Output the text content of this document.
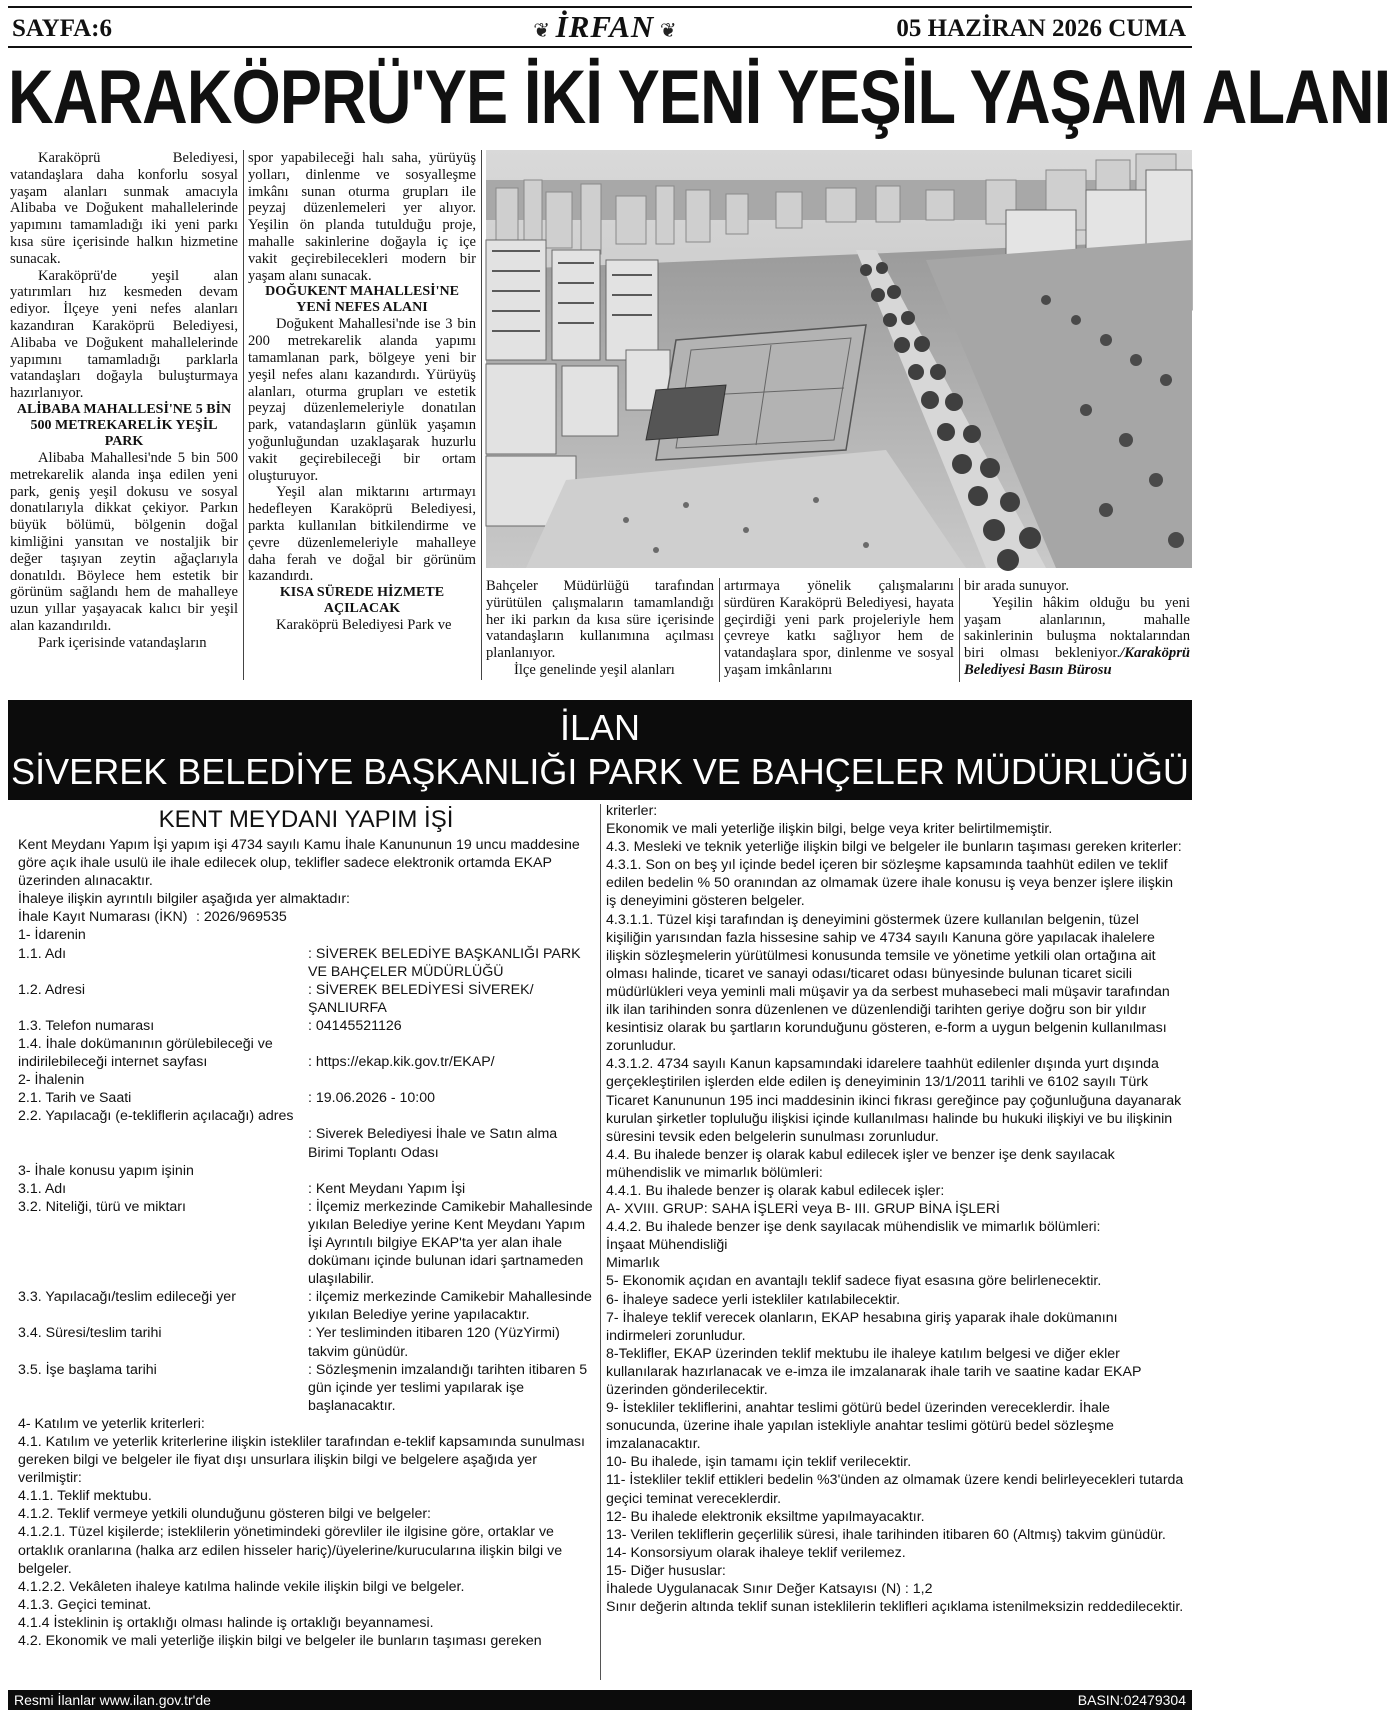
SAYFA:6	❦ İRFAN ❦	05 HAZİRAN 2026 CUMA
KARAKÖPRÜ'YE İKİ YENİ YEŞİL YAŞAM ALANI

Karaköprü Belediyesi, vatandaşlara daha konforlu sosyal yaşam alanları sunmak amacıyla Alibaba ve Doğukent mahallelerinde yapımını tamamladığı iki yeni parkı kısa süre içerisinde halkın hizmetine sunacak.

Karaköprü'de yeşil alan yatırımları hız kesmeden devam ediyor. İlçeye yeni nefes alanları kazandıran Karaköprü Belediyesi, Alibaba ve Doğukent mahallelerinde yapımını tamamladığı parklarla vatandaşları doğayla buluşturmaya hazırlanıyor.

ALİBABA MAHALLESİ'NE 5 BİN 500 METREKARELİK YEŞİL PARK

Alibaba Mahallesi'nde 5 bin 500 metrekarelik alanda inşa edilen yeni park, geniş yeşil dokusu ve sosyal donatılarıyla dikkat çekiyor. Parkın büyük bölümü, bölgenin doğal kimliğini yansıtan ve nostaljik bir değer taşıyan zeytin ağaçlarıyla donatıldı. Böylece hem estetik bir görünüm sağlandı hem de mahalleye uzun yıllar yaşayacak kalıcı bir yeşil alan kazandırıldı.

Park içerisinde vatandaşların

spor yapabileceği halı saha, yürüyüş yolları, dinlenme ve sosyalleşme imkânı sunan oturma grupları ile peyzaj düzenlemeleri yer alıyor. Yeşilin ön planda tutulduğu proje, mahalle sakinlerine doğayla iç içe vakit geçirebilecekleri modern bir yaşam alanı sunacak.

DOĞUKENT MAHALLESİ'NE YENİ NEFES ALANI

Doğukent Mahallesi'nde ise 3 bin 200 metrekarelik alanda yapımı tamamlanan park, bölgeye yeni bir yeşil nefes alanı kazandırdı. Yürüyüş alanları, oturma grupları ve estetik peyzaj düzenlemeleriyle donatılan park, vatandaşların günlük yaşamın yoğunluğundan uzaklaşarak huzurlu vakit geçirebileceği bir ortam oluşturuyor.

Yeşil alan miktarını artırmayı hedefleyen Karaköprü Belediyesi, parkta kullanılan bitkilendirme ve çevre düzenlemeleriyle mahalleye daha ferah ve doğal bir görünüm kazandırdı.

KISA SÜREDE HİZMETE AÇILACAK

Karaköprü Belediyesi Park ve

Bahçeler Müdürlüğü tarafından yürütülen çalışmaların tamamlandığı her iki parkın da kısa süre içerisinde vatandaşların kullanımına açılması planlanıyor.

İlçe genelinde yeşil alanları

artırmaya yönelik çalışmalarını sürdüren Karaköprü Belediyesi, hayata geçirdiği yeni park projeleriyle hem çevreye katkı sağlıyor hem de vatandaşlara spor, dinlenme ve sosyal yaşam imkânlarını

bir arada sunuyor.

Yeşilin hâkim olduğu bu yeni yaşam alanlarının, mahalle sakinlerinin buluşma noktalarından biri olması bekleniyor./Karaköprü Belediyesi Basın Bürosu

İLAN
SİVEREK BELEDİYE BAŞKANLIĞI PARK VE BAHÇELER MÜDÜRLÜĞÜ
KENT MEYDANI YAPIM İŞİ

Kent Meydanı Yapım İşi yapım işi 4734 sayılı Kamu İhale Kanununun 19 uncu maddesine göre açık ihale usulü ile ihale edilecek olup, teklifler sadece elektronik ortamda EKAP üzerinden alınacaktır.

İhaleye ilişkin ayrıntılı bilgiler aşağıda yer almaktadır:

İhale Kayıt Numarası (İKN) : 2026/969535

1- İdarenin

1.1. Adı	: SİVEREK BELEDİYE BAŞKANLIĞI PARK VE BAHÇELER MÜDÜRLÜĞÜ
1.2. Adresi	: SİVEREK BELEDİYESİ SİVEREK/ŞANLIURFA
1.3. Telefon numarası	: 04145521126
1.4. İhale dokümanının görülebileceği ve indirilebileceği internet sayfası	: https://ekap.kik.gov.tr/EKAP/

2- İhalenin

2.1. Tarih ve Saati	: 19.06.2026 - 10:00
2.2. Yapılacağı (e-tekliflerin açılacağı) adres
: Siverek Belediyesi İhale ve Satın alma Birimi Toplantı Odası

3- İhale konusu yapım işinin

3.1. Adı	: Kent Meydanı Yapım İşi
3.2. Niteliği, türü ve miktarı	: İlçemiz merkezinde Camikebir Mahallesinde yıkılan Belediye yerine Kent Meydanı Yapım İşi Ayrıntılı bilgiye EKAP'ta yer alan ihale dokümanı içinde bulunan idari şartnameden ulaşılabilir.
3.3. Yapılacağı/teslim edileceği yer	: ilçemiz merkezinde Camikebir Mahallesinde yıkılan Belediye yerine yapılacaktır.
3.4. Süresi/teslim tarihi	: Yer tesliminden itibaren 120 (YüzYirmi) takvim günüdür.
3.5. İşe başlama tarihi	: Sözleşmenin imzalandığı tarihten itibaren 5 gün içinde yer teslimi yapılarak işe başlanacaktır.

4- Katılım ve yeterlik kriterleri:

4.1. Katılım ve yeterlik kriterlerine ilişkin istekliler tarafından e-teklif kapsamında sunulması gereken bilgi ve belgeler ile fiyat dışı unsurlara ilişkin bilgi ve belgelere aşağıda yer verilmiştir:

4.1.1. Teklif mektubu.

4.1.2. Teklif vermeye yetkili olunduğunu gösteren bilgi ve belgeler:

4.1.2.1. Tüzel kişilerde; isteklilerin yönetimindeki görevliler ile ilgisine göre, ortaklar ve ortaklık oranlarına (halka arz edilen hisseler hariç)/üyelerine/kurucularına ilişkin bilgi ve belgeler.

4.1.2.2. Vekâleten ihaleye katılma halinde vekile ilişkin bilgi ve belgeler.

4.1.3. Geçici teminat.

4.1.4 İsteklinin iş ortaklığı olması halinde iş ortaklığı beyannamesi.

4.2. Ekonomik ve mali yeterliğe ilişkin bilgi ve belgeler ile bunların taşıması gereken

kriterler:

Ekonomik ve mali yeterliğe ilişkin bilgi, belge veya kriter belirtilmemiştir.

4.3. Mesleki ve teknik yeterliğe ilişkin bilgi ve belgeler ile bunların taşıması gereken kriterler:

4.3.1. Son on beş yıl içinde bedel içeren bir sözleşme kapsamında taahhüt edilen ve teklif edilen bedelin % 50 oranından az olmamak üzere ihale konusu iş veya benzer işlere ilişkin iş deneyimini gösteren belgeler.

4.3.1.1. Tüzel kişi tarafından iş deneyimini göstermek üzere kullanılan belgenin, tüzel kişiliğin yarısından fazla hissesine sahip ve 4734 sayılı Kanuna göre yapılacak ihalelere ilişkin sözleşmelerin yürütülmesi konusunda temsile ve yönetime yetkili olan ortağına ait olması halinde, ticaret ve sanayi odası/ticaret odası bünyesinde bulunan ticaret sicili müdürlükleri veya yeminli mali müşavir ya da serbest muhasebeci mali müşavir tarafından ilk ilan tarihinden sonra düzenlenen ve düzenlendiği tarihten geriye doğru son bir yıldır kesintisiz olarak bu şartların korunduğunu gösteren, e-form a uygun belgenin kullanılması zorunludur.

4.3.1.2. 4734 sayılı Kanun kapsamındaki idarelere taahhüt edilenler dışında yurt dışında gerçekleştirilen işlerden elde edilen iş deneyiminin 13/1/2011 tarihli ve 6102 sayılı Türk Ticaret Kanununun 195 inci maddesinin ikinci fıkrası gereğince pay çoğunluğuna dayanarak kurulan şirketler topluluğu ilişkisi içinde kullanılması halinde bu hukuki ilişkiyi ve bu ilişkinin süresini tevsik eden belgelerin sunulması zorunludur.

4.4. Bu ihalede benzer iş olarak kabul edilecek işler ve benzer işe denk sayılacak mühendislik ve mimarlık bölümleri:

4.4.1. Bu ihalede benzer iş olarak kabul edilecek işler:

A- XVIII. GRUP: SAHA İŞLERİ veya B- III. GRUP BİNA İŞLERİ

4.4.2. Bu ihalede benzer işe denk sayılacak mühendislik ve mimarlık bölümleri:

İnşaat Mühendisliği

Mimarlık

5- Ekonomik açıdan en avantajlı teklif sadece fiyat esasına göre belirlenecektir.

6- İhaleye sadece yerli istekliler katılabilecektir.

7- İhaleye teklif verecek olanların, EKAP hesabına giriş yaparak ihale dokümanını indirmeleri zorunludur.

8-Teklifler, EKAP üzerinden teklif mektubu ile ihaleye katılım belgesi ve diğer ekler kullanılarak hazırlanacak ve e-imza ile imzalanarak ihale tarih ve saatine kadar EKAP üzerinden gönderilecektir.

9- İstekliler tekliflerini, anahtar teslimi götürü bedel üzerinden vereceklerdir. İhale sonucunda, üzerine ihale yapılan istekliyle anahtar teslimi götürü bedel sözleşme imzalanacaktır.

10- Bu ihalede, işin tamamı için teklif verilecektir.

11- İstekliler teklif ettikleri bedelin %3'ünden az olmamak üzere kendi belirleyecekleri tutarda geçici teminat vereceklerdir.

12- Bu ihalede elektronik eksiltme yapılmayacaktır.

13- Verilen tekliflerin geçerlilik süresi, ihale tarihinden itibaren 60 (Altmış) takvim günüdür.

14- Konsorsiyum olarak ihaleye teklif verilemez.

15- Diğer hususlar:

İhalede Uygulanacak Sınır Değer Katsayısı (N) : 1,2

Sınır değerin altında teklif sunan isteklilerin teklifleri açıklama istenilmeksizin reddedilecektir.

Resmi İlanlar www.ilan.gov.tr'de	BASIN:02479304
